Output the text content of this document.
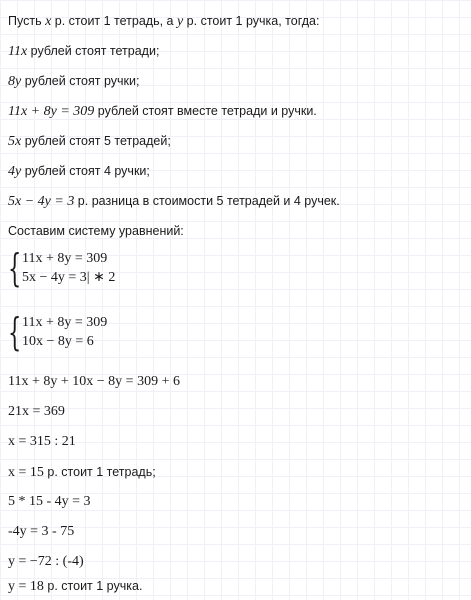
Пусть x р. стоит 1 тетрадь, а y р. стоит 1 ручка, тогда:
11x рублей стоят тетради;
8y рублей стоят ручки;
11x + 8y = 309 рублей стоят вместе тетради и ручки.
5x рублей стоят 5 тетрадей;
4y рублей стоят 4 ручки;
5x − 4y = 3 р. разница в стоимости 5 тетрадей и 4 ручек.
Составим систему уравнений:
{ 11x + 8y = 309
5x − 4y = 3| ∗ 2
{ 11x + 8y = 309
10x − 8y = 6
11x + 8y + 10x − 8y = 309 + 6
21x = 369
x = 315 : 21
x = 15 р. стоит 1 тетрадь;
5 * 15 - 4y = 3
-4y = 3 - 75
y = −72 : (-4)
y = 18 р. стоит 1 ручка.
